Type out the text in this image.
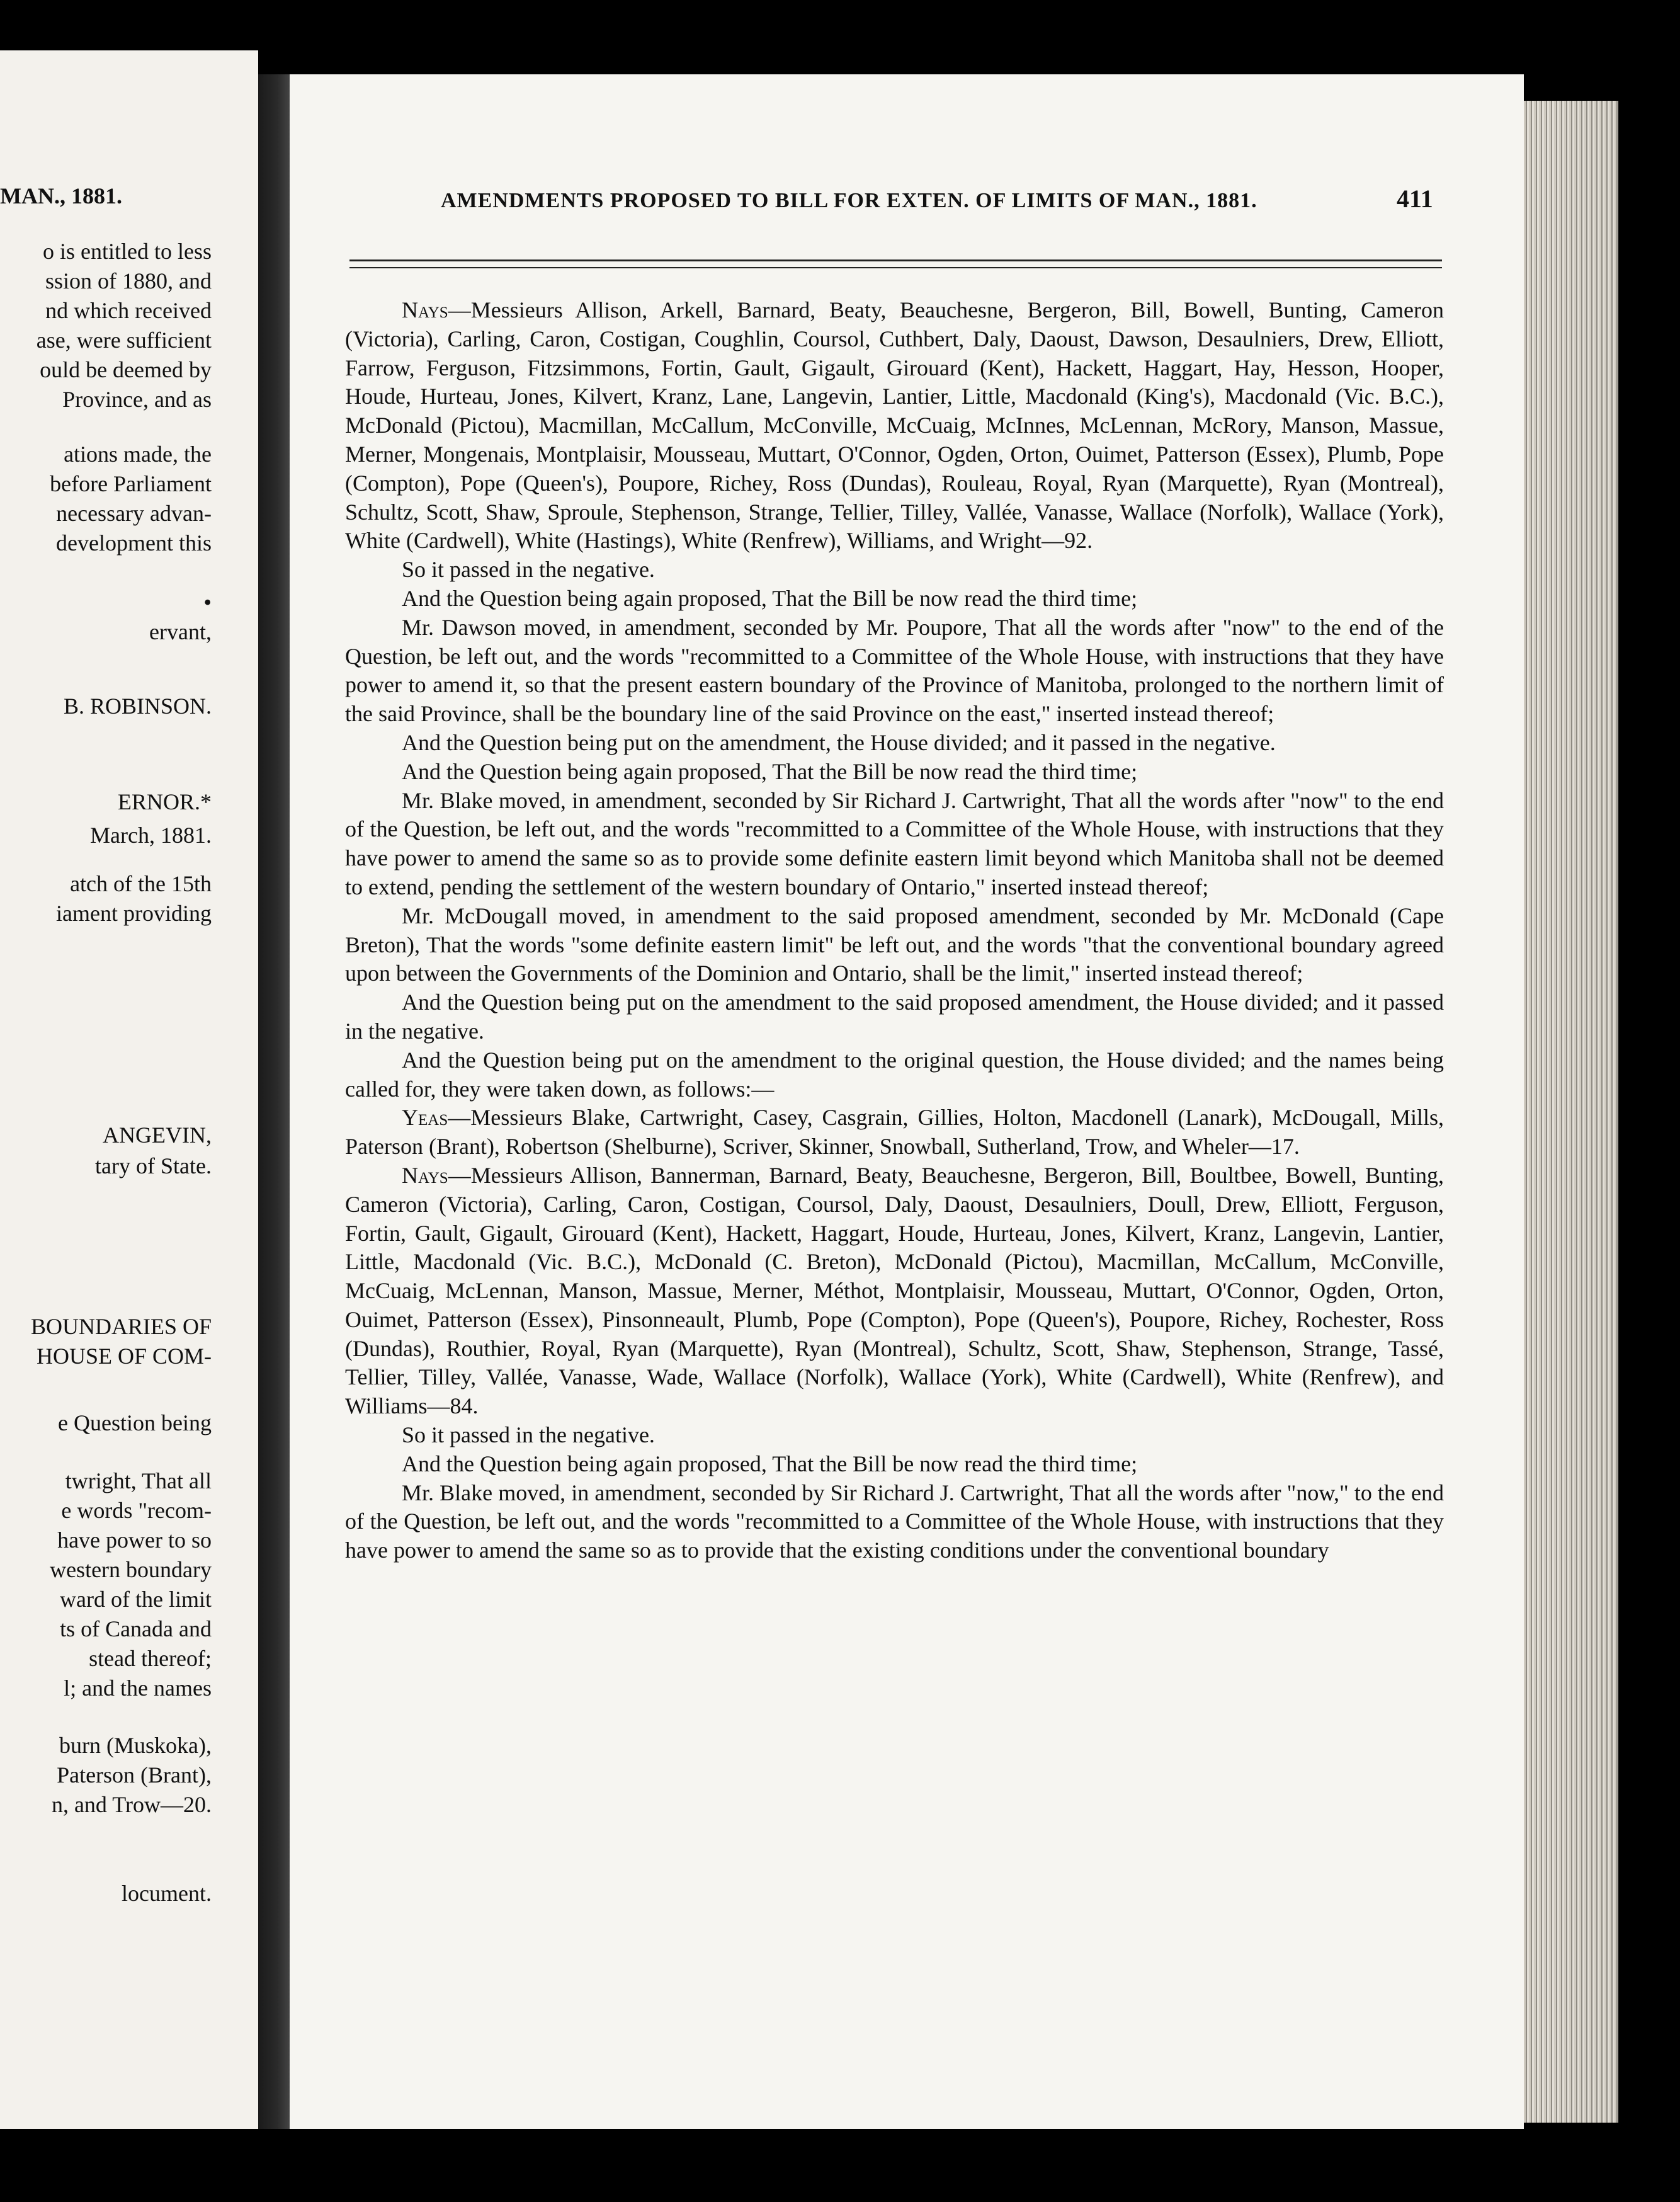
MAN., 1881.
o is entitled to less
ssion of 1880, and
nd which received
ase, were sufficient
ould be deemed by
Province, and as
ations made, the
before Parliament
necessary advan-
development this
•
ervant,
B. ROBINSON.
ERNOR.*
March, 1881.
atch of the 15th
iament providing
ANGEVIN,
tary of State.
BOUNDARIES OF
HOUSE OF COM-
e Question being
twright, That all
e words "recom-
have power to so
western boundary
ward of the limit
ts of Canada and
stead thereof;
l; and the names
burn (Muskoka),
Paterson (Brant),
n, and Trow—20.
locument.
AMENDMENTS PROPOSED TO BILL FOR EXTEN. OF LIMITS OF MAN., 1881.	411

Nays—Messieurs Allison, Arkell, Barnard, Beaty, Beauchesne, Bergeron, Bill, Bowell, Bunting, Cameron (Victoria), Carling, Caron, Costigan, Coughlin, Coursol, Cuthbert, Daly, Daoust, Dawson, Desaulniers, Drew, Elliott, Farrow, Ferguson, Fitzsimmons, Fortin, Gault, Gigault, Girouard (Kent), Hackett, Haggart, Hay, Hesson, Hooper, Houde, Hurteau, Jones, Kilvert, Kranz, Lane, Langevin, Lantier, Little, Macdonald (King's), Macdonald (Vic. B.C.), McDonald (Pictou), Macmillan, McCallum, McConville, McCuaig, McInnes, McLennan, McRory, Manson, Massue, Merner, Mongenais, Montplaisir, Mousseau, Muttart, O'Connor, Ogden, Orton, Ouimet, Patterson (Essex), Plumb, Pope (Compton), Pope (Queen's), Poupore, Richey, Ross (Dundas), Rouleau, Royal, Ryan (Marquette), Ryan (Montreal), Schultz, Scott, Shaw, Sproule, Stephenson, Strange, Tellier, Tilley, Vallée, Vanasse, Wallace (Norfolk), Wallace (York), White (Cardwell), White (Hastings), White (Renfrew), Williams, and Wright—92.

So it passed in the negative.

And the Question being again proposed, That the Bill be now read the third time;

Mr. Dawson moved, in amendment, seconded by Mr. Poupore, That all the words after "now" to the end of the Question, be left out, and the words "recommitted to a Committee of the Whole House, with instructions that they have power to amend it, so that the present eastern boundary of the Province of Manitoba, prolonged to the northern limit of the said Province, shall be the boundary line of the said Province on the east," inserted instead thereof;

And the Question being put on the amendment, the House divided; and it passed in the negative.

And the Question being again proposed, That the Bill be now read the third time;

Mr. Blake moved, in amendment, seconded by Sir Richard J. Cartwright, That all the words after "now" to the end of the Question, be left out, and the words "recommitted to a Committee of the Whole House, with instructions that they have power to amend the same so as to provide some definite eastern limit beyond which Manitoba shall not be deemed to extend, pending the settlement of the western boundary of Ontario," inserted instead thereof;

Mr. McDougall moved, in amendment to the said proposed amendment, seconded by Mr. McDonald (Cape Breton), That the words "some definite eastern limit" be left out, and the words "that the conventional boundary agreed upon between the Governments of the Dominion and Ontario, shall be the limit," inserted instead thereof;

And the Question being put on the amendment to the said proposed amendment, the House divided; and it passed in the negative.

And the Question being put on the amendment to the original question, the House divided; and the names being called for, they were taken down, as follows:—

Yeas—Messieurs Blake, Cartwright, Casey, Casgrain, Gillies, Holton, Macdonell (Lanark), McDougall, Mills, Paterson (Brant), Robertson (Shelburne), Scriver, Skinner, Snowball, Sutherland, Trow, and Wheler—17.

Nays—Messieurs Allison, Bannerman, Barnard, Beaty, Beauchesne, Bergeron, Bill, Boultbee, Bowell, Bunting, Cameron (Victoria), Carling, Caron, Costigan, Coursol, Daly, Daoust, Desaulniers, Doull, Drew, Elliott, Ferguson, Fortin, Gault, Gigault, Girouard (Kent), Hackett, Haggart, Houde, Hurteau, Jones, Kilvert, Kranz, Langevin, Lantier, Little, Macdonald (Vic. B.C.), McDonald (C. Breton), McDonald (Pictou), Macmillan, McCallum, McConville, McCuaig, McLennan, Manson, Massue, Merner, Méthot, Montplaisir, Mousseau, Muttart, O'Connor, Ogden, Orton, Ouimet, Patterson (Essex), Pinsonneault, Plumb, Pope (Compton), Pope (Queen's), Poupore, Richey, Rochester, Ross (Dundas), Routhier, Royal, Ryan (Marquette), Ryan (Montreal), Schultz, Scott, Shaw, Stephenson, Strange, Tassé, Tellier, Tilley, Vallée, Vanasse, Wade, Wallace (Norfolk), Wallace (York), White (Cardwell), White (Renfrew), and Williams—84.

So it passed in the negative.

And the Question being again proposed, That the Bill be now read the third time;

Mr. Blake moved, in amendment, seconded by Sir Richard J. Cartwright, That all the words after "now," to the end of the Question, be left out, and the words "recommitted to a Committee of the Whole House, with instructions that they have power to amend the same so as to provide that the existing conditions under the conventional boundary
